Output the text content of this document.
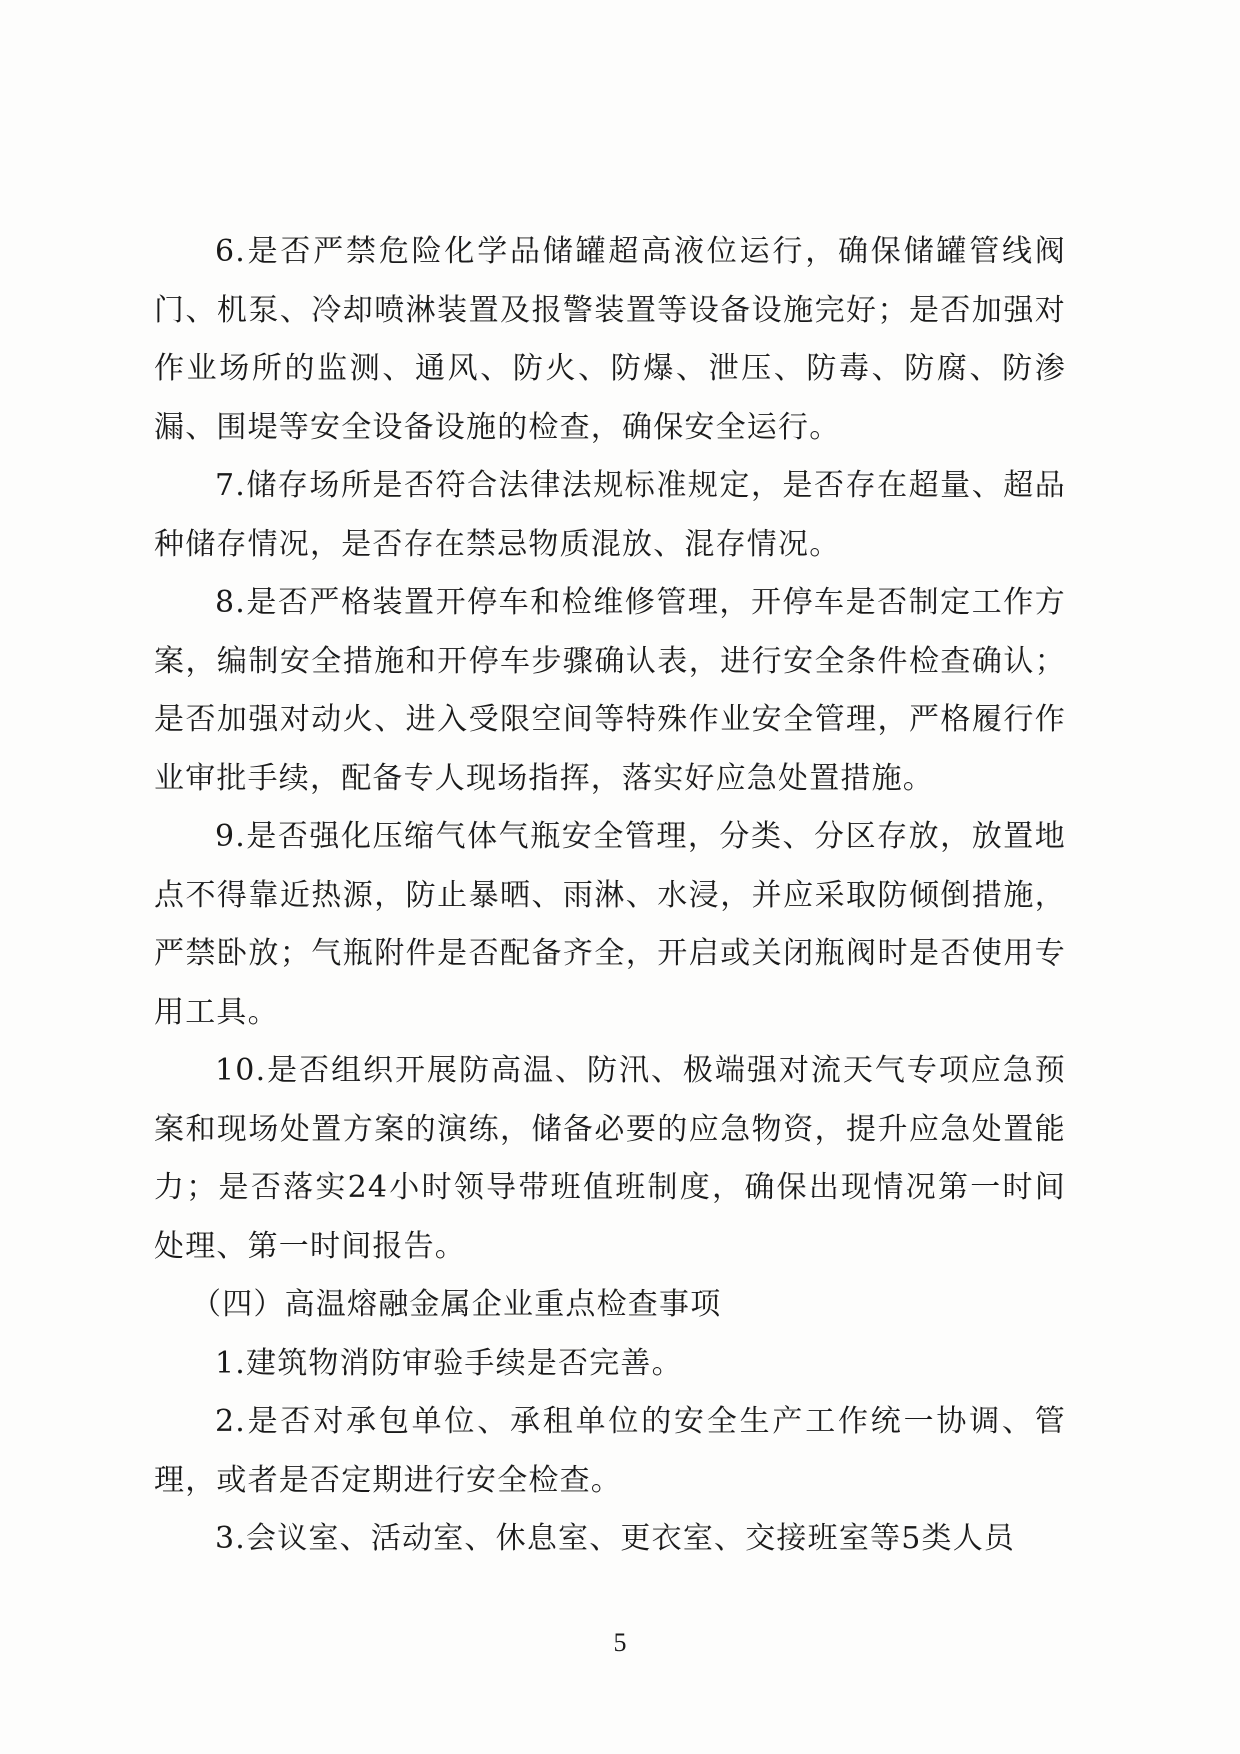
6.是否严禁危险化学品储罐超高液位运行，确保储罐管线阀门、机泵、冷却喷淋装置及报警装置等设备设施完好；是否加强对作业场所的监测、通风、防火、防爆、泄压、防毒、防腐、防渗漏、围堤等安全设备设施的检查，确保安全运行。

7.储存场所是否符合法律法规标准规定，是否存在超量、超品种储存情况，是否存在禁忌物质混放、混存情况。

8.是否严格装置开停车和检维修管理，开停车是否制定工作方案，编制安全措施和开停车步骤确认表，进行安全条件检查确认；是否加强对动火、进入受限空间等特殊作业安全管理，严格履行作业审批手续，配备专人现场指挥，落实好应急处置措施。

9.是否强化压缩气体气瓶安全管理，分类、分区存放，放置地点不得靠近热源，防止暴晒、雨淋、水浸，并应采取防倾倒措施，严禁卧放；气瓶附件是否配备齐全，开启或关闭瓶阀时是否使用专用工具。

10.是否组织开展防高温、防汛、极端强对流天气专项应急预案和现场处置方案的演练，储备必要的应急物资，提升应急处置能力；是否落实24小时领导带班值班制度，确保出现情况第一时间处理、第一时间报告。

（四）高温熔融金属企业重点检查事项

1.建筑物消防审验手续是否完善。

2.是否对承包单位、承租单位的安全生产工作统一协调、管理，或者是否定期进行安全检查。

3.会议室、活动室、休息室、更衣室、交接班室等5类人员

5
